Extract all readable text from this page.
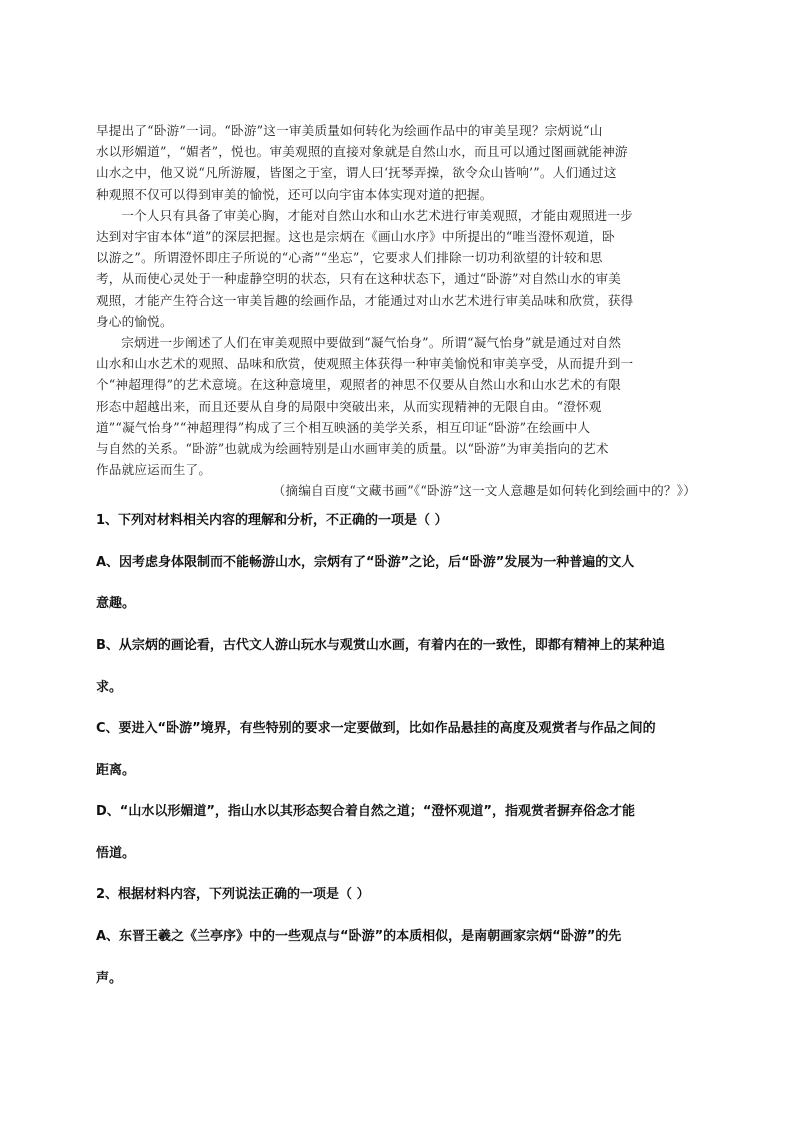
早提出了“卧游”一词。“卧游”这一审美质量如何转化为绘画作品中的审美呈现？宗炳说“山
水以形媚道”，“媚者”，悦也。审美观照的直接对象就是自然山水，而且可以通过图画就能神游
山水之中，他又说“凡所游履，皆图之于室，谓人曰‘抚琴弄操，欲令众山皆响’”。人们通过这
种观照不仅可以得到审美的愉悦，还可以向宇宙本体实现对道的把握。
一个人只有具备了审美心胸，才能对自然山水和山水艺术进行审美观照，才能由观照进一步
达到对宇宙本体“道”的深层把握。这也是宗炳在《画山水序》中所提出的“唯当澄怀观道，卧
以游之”。所谓澄怀即庄子所说的“心斋”“坐忘”，它要求人们排除一切功利欲望的计较和思
考，从而使心灵处于一种虚静空明的状态，只有在这种状态下，通过“卧游”对自然山水的审美
观照，才能产生符合这一审美旨趣的绘画作品，才能通过对山水艺术进行审美品味和欣赏，获得
身心的愉悦。
宗炳进一步阐述了人们在审美观照中要做到“凝气怡身”。所谓“凝气怡身”就是通过对自然
山水和山水艺术的观照、品味和欣赏，使观照主体获得一种审美愉悦和审美享受，从而提升到一
个“神超理得”的艺术意境。在这种意境里，观照者的神思不仅要从自然山水和山水艺术的有限
形态中超越出来，而且还要从自身的局限中突破出来，从而实现精神的无限自由。“澄怀观
道”“凝气怡身”“神超理得”构成了三个相互映涵的美学关系，相互印证“卧游”在绘画中人
与自然的关系。“卧游”也就成为绘画特别是山水画审美的质量。以“卧游”为审美指向的艺术
作品就应运而生了。
（摘编自百度“文藏书画”《“卧游”这一文人意趣是如何转化到绘画中的？》）
1、下列对材料相关内容的理解和分析，不正确的一项是（ ）
A、因考虑身体限制而不能畅游山水，宗炳有了“卧游”之论，后“卧游”发展为一种普遍的文人
意趣。
B、从宗炳的画论看，古代文人游山玩水与观赏山水画，有着内在的一致性，即都有精神上的某种追
求。
C、要进入“卧游”境界，有些特别的要求一定要做到，比如作品悬挂的高度及观赏者与作品之间的
距离。
D、“山水以形媚道”，指山水以其形态契合着自然之道；“澄怀观道”，指观赏者摒弃俗念才能
悟道。
2、根据材料内容，下列说法正确的一项是（ ）
A、东晋王羲之《兰亭序》中的一些观点与“卧游”的本质相似，是南朝画家宗炳“卧游”的先
声。
